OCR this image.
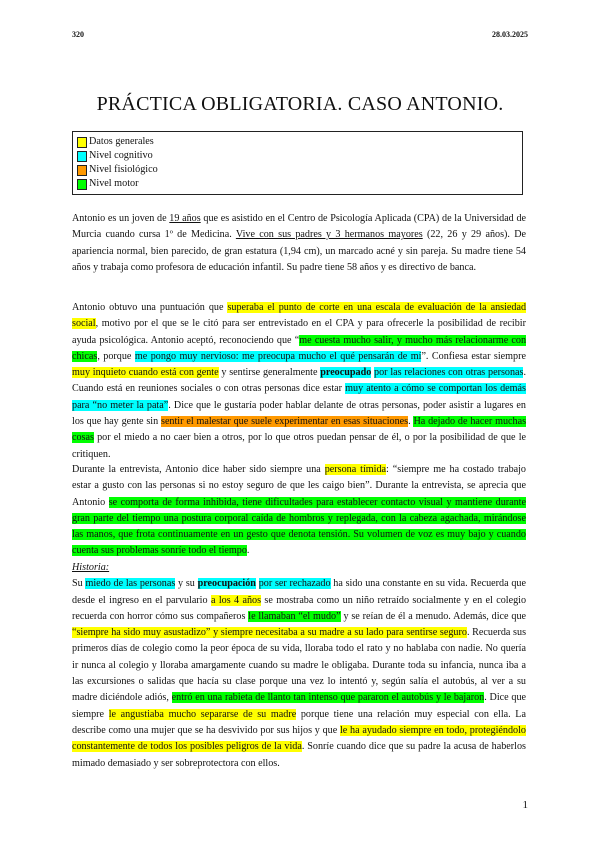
320	28.03.2025
PRÁCTICA OBLIGATORIA. CASO ANTONIO.
Datos generales
Nivel cognitivo
Nivel fisiológico
Nivel motor

Antonio es un joven de 19 años que es asistido en el Centro de Psicología Aplicada (CPA) de la Universidad de Murcia cuando cursa 1º de Medicina. Vive con sus padres y 3 hermanos mayores (22, 26 y 29 años). De apariencia normal, bien parecido, de gran estatura (1,94 cm), un marcado acné y sin pareja. Su madre tiene 54 años y trabaja como profesora de educación infantil. Su padre tiene 58 años y es directivo de banca.

Antonio obtuvo una puntuación que superaba el punto de corte en una escala de evaluación de la ansiedad social, motivo por el que se le citó para ser entrevistado en el CPA y para ofrecerle la posibilidad de recibir ayuda psicológica. Antonio aceptó, reconociendo que “me cuesta mucho salir, y mucho más relacionarme con chicas, porque me pongo muy nervioso: me preocupa mucho el qué pensarán de mí”. Confiesa estar siempre muy inquieto cuando está con gente y sentirse generalmente preocupado por las relaciones con otras personas. Cuando está en reuniones sociales o con otras personas dice estar muy atento a cómo se comportan los demás para “no meter la pata”. Dice que le gustaría poder hablar delante de otras personas, poder asistir a lugares en los que hay gente sin sentir el malestar que suele experimentar en esas situaciones. Ha dejado de hacer muchas cosas por el miedo a no caer bien a otros, por lo que otros puedan pensar de él, o por la posibilidad de que le critiquen.

Durante la entrevista, Antonio dice haber sido siempre una persona tímida: “siempre me ha costado trabajo estar a gusto con las personas si no estoy seguro de que les caigo bien”. Durante la entrevista, se aprecia que Antonio se comporta de forma inhibida, tiene dificultades para establecer contacto visual y mantiene durante gran parte del tiempo una postura corporal caída de hombros y replegada, con la cabeza agachada, mirándose las manos, que frota continuamente en un gesto que denota tensión. Su volumen de voz es muy bajo y cuando cuenta sus problemas sonríe todo el tiempo.

Historia:

Su miedo de las personas y su preocupación por ser rechazado ha sido una constante en su vida. Recuerda que desde el ingreso en el parvulario a los 4 años se mostraba como un niño retraído socialmente y en el colegio recuerda con horror cómo sus compañeros le llamaban “el mudo” y se reían de él a menudo. Además, dice que “siempre ha sido muy asustadizo” y siempre necesitaba a su madre a su lado para sentirse seguro. Recuerda sus primeros días de colegio como la peor época de su vida, lloraba todo el rato y no hablaba con nadie. No quería ir nunca al colegio y lloraba amargamente cuando su madre le obligaba. Durante toda su infancia, nunca iba a las excursiones o salidas que hacía su clase porque una vez lo intentó y, según salía el autobús, al ver a su madre diciéndole adiós, entró en una rabieta de llanto tan intenso que pararon el autobús y le bajaron. Dice que siempre le angustiaba mucho separarse de su madre porque tiene una relación muy especial con ella. La describe como una mujer que se ha desvivido por sus hijos y que le ha ayudado siempre en todo, protegiéndolo constantemente de todos los posibles peligros de la vida. Sonríe cuando dice que su padre la acusa de haberlos mimado demasiado y ser sobreprotectora con ellos.

1
